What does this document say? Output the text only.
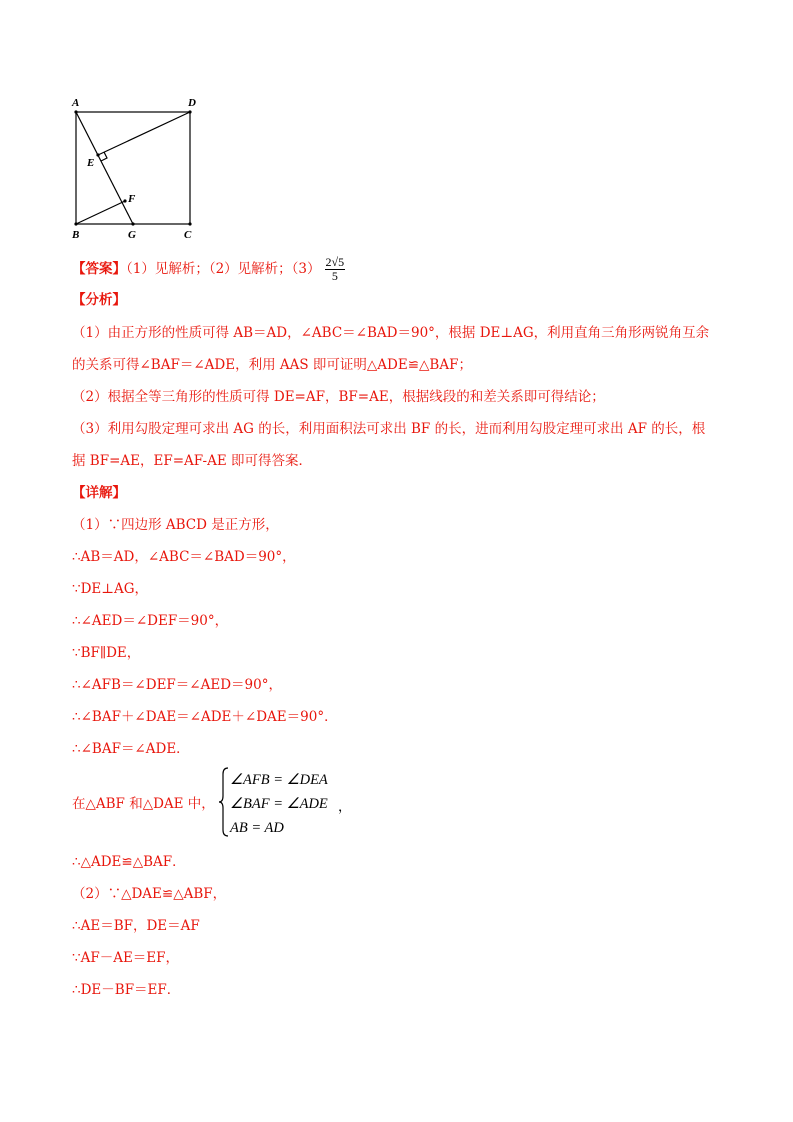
A	D
E
F
B	G	C
【答案】（1）见解析；（2）见解析；$(3) \frac{2√5}{5}$
【分析】
（1）由正方形的性质可得 AB＝AD，∠ABC＝∠BAD＝90°，根据 DE⊥AG，利用直角三角形两锐角互余
的关系可得∠BAF＝∠ADE，利用 AAS 即可证明△ADE≌△BAF；
（2）根据全等三角形的性质可得 DE=AF，BF=AE，根据线段的和差关系即可得结论；
（3）利用勾股定理可求出 AG 的长，利用面积法可求出 BF 的长，进而利用勾股定理可求出 AF 的长，根
据 BF=AE，EF=AF-AE 即可得答案．
【详解】
（1）∵四边形 ABCD 是正方形，
∴AB＝AD，∠ABC＝∠BAD＝90°，
∵DE⊥AG，
∴∠AED＝∠DEF＝90°，
∵BF∥DE，
∴∠AFB＝∠DEF＝∠AED＝90°，
∴∠BAF＋∠DAE＝∠ADE＋∠DAE＝90°．
∴∠BAF＝∠ADE．
在△ABF 和△DAE 中，
∠AFB = ∠DEA
∠BAF = ∠ADE
AB = AD
，
∴△ADE≌△BAF．
（2）∵△DAE≌△ABF，
∴AE＝BF，DE＝AF
∵AF－AE＝EF，
∴DE－BF＝EF．
